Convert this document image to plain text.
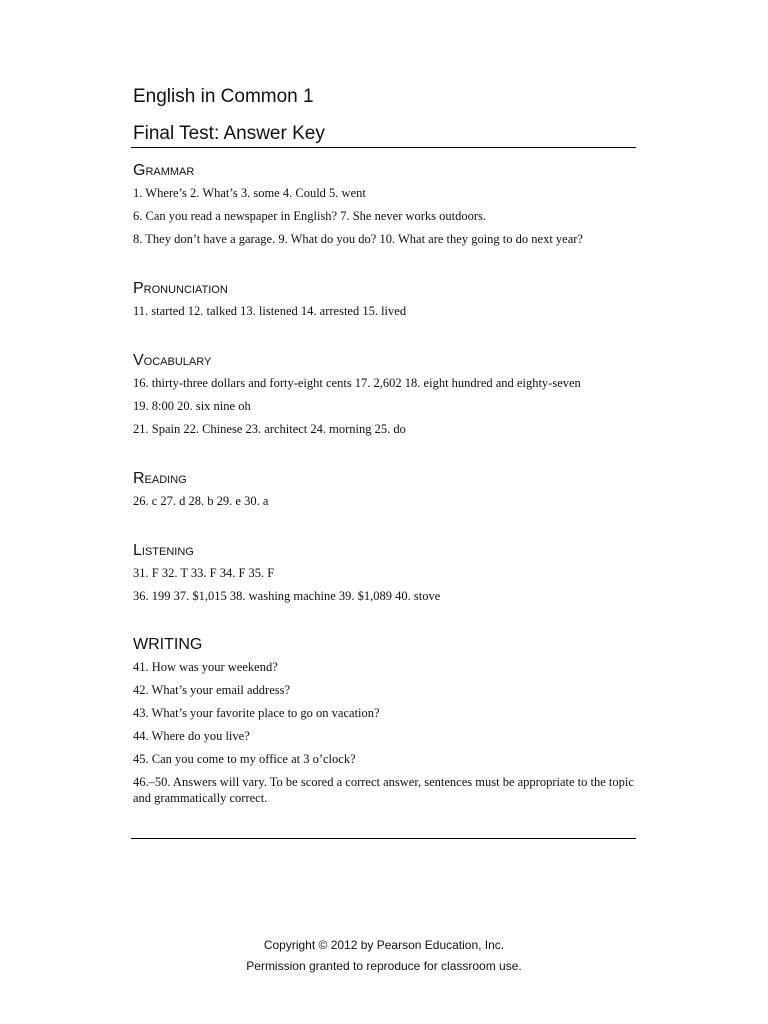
English in Common 1
Final Test: Answer Key
Grammar
1. Where’s 2. What’s 3. some 4. Could 5. went
6. Can you read a newspaper in English? 7. She never works outdoors.
8. They don’t have a garage. 9. What do you do? 10. What are they going to do next year?
Pronunciation
11. started 12. talked 13. listened 14. arrested 15. lived
Vocabulary
16. thirty-three dollars and forty-eight cents 17. 2,602 18. eight hundred and eighty-seven
19. 8:00 20. six nine oh
21. Spain 22. Chinese 23. architect 24. morning 25. do
Reading
26. c 27. d 28. b 29. e 30. a
Listening
31. F 32. T 33. F 34. F 35. F
36. 199 37. $1,015 38. washing machine 39. $1,089 40. stove
WRITING
41. How was your weekend?
42. What’s your email address?
43. What’s your favorite place to go on vacation?
44. Where do you live?
45. Can you come to my office at 3 o’clock?
46.–50. Answers will vary. To be scored a correct answer, sentences must be appropriate to the topic and grammatically correct.
Copyright © 2012 by Pearson Education, Inc.
Permission granted to reproduce for classroom use.
